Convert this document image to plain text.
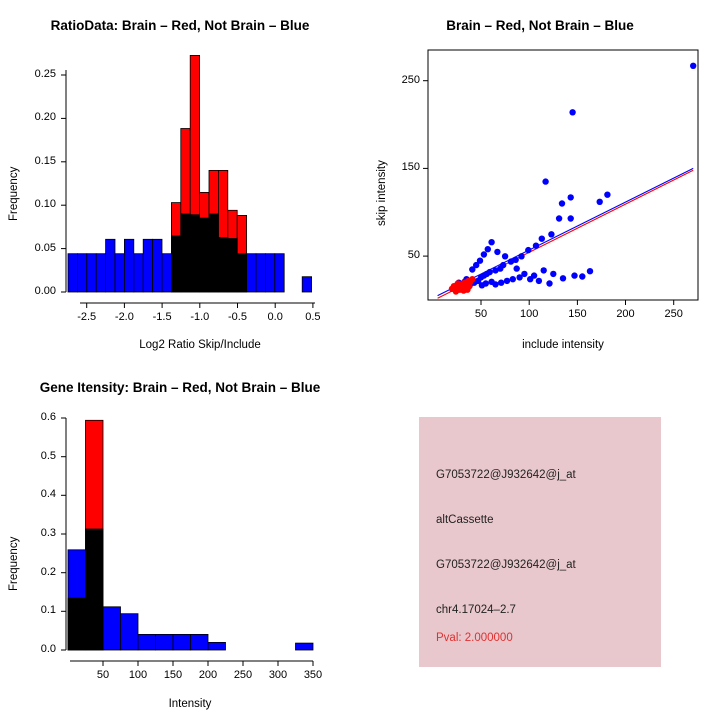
RatioData: Brain – Red, Not Brain – Blue
0.00
0.05
0.10
0.15
0.20
0.25
-2.5	-2.0	-1.5	-1.0	-0.5	0.0	0.5
Log2 Ratio Skip/Include
Frequency
Brain – Red, Not Brain – Blue
50
150
250
50	100	150	200	250
include intensity
skip intensity
Gene Itensity: Brain – Red, Not Brain – Blue
0.0
0.1
0.2
0.3
0.4
0.5
0.6
50	100	150	200	250	300	350
Intensity
Frequency
G7053722@J932642@j_at
altCassette
G7053722@J932642@j_at
chr4.17024–2.7
Pval: 2.000000
